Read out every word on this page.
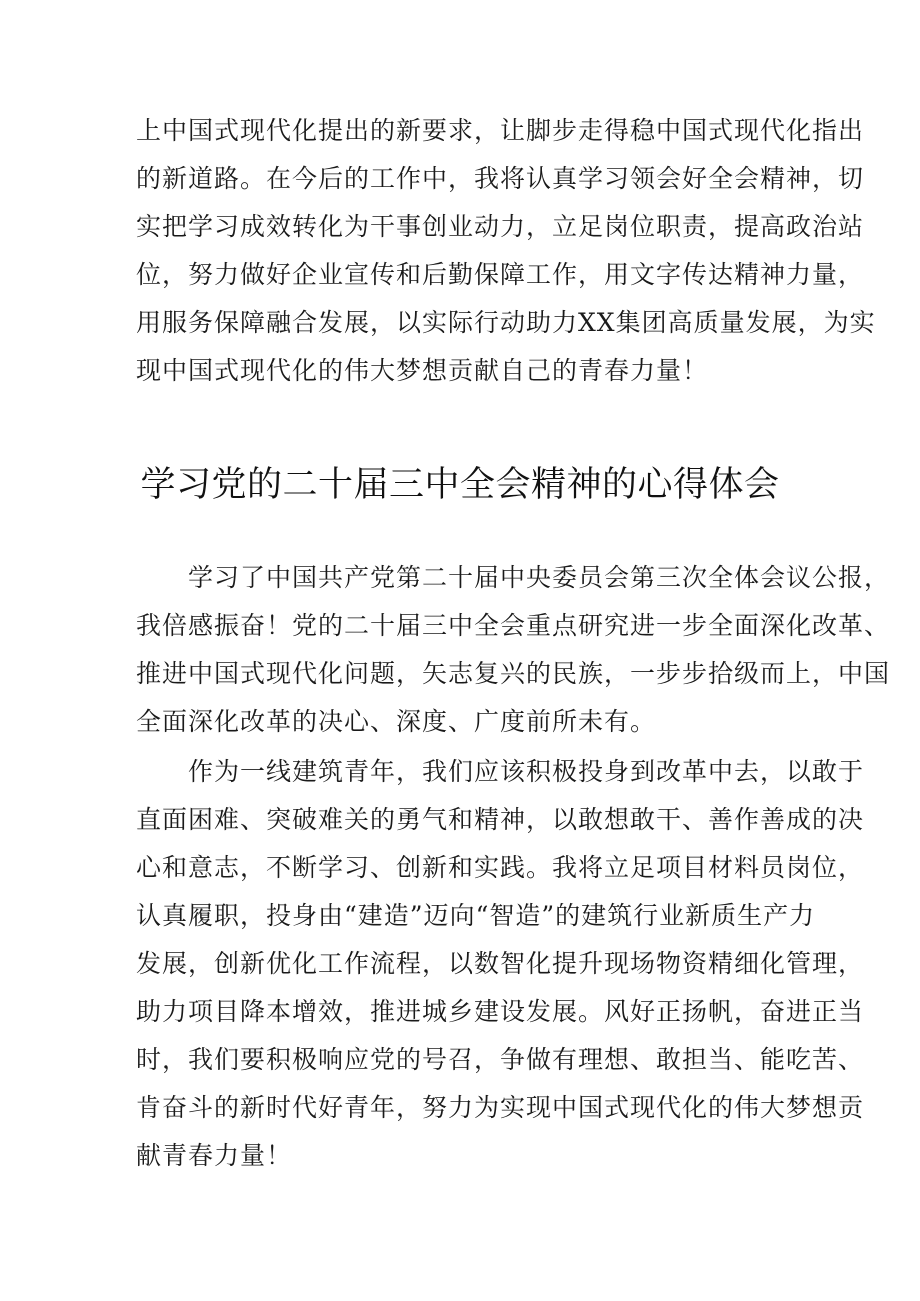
上中国式现代化提出的新要求，让脚步走得稳中国式现代化指出
的新道路。在今后的工作中，我将认真学习领会好全会精神，切
实把学习成效转化为干事创业动力，立足岗位职责，提高政治站
位，努力做好企业宣传和后勤保障工作，用文字传达精神力量，
用服务保障融合发展，以实际行动助力XX集团高质量发展，为实
现中国式现代化的伟大梦想贡献自己的青春力量！
学习党的二十届三中全会精神的心得体会
　　学习了中国共产党第二十届中央委员会第三次全体会议公报，
我倍感振奋！党的二十届三中全会重点研究进一步全面深化改革、
推进中国式现代化问题，矢志复兴的民族，一步步拾级而上，中国
全面深化改革的决心、深度、广度前所未有。
　　作为一线建筑青年，我们应该积极投身到改革中去，以敢于
直面困难、突破难关的勇气和精神，以敢想敢干、善作善成的决
心和意志，不断学习、创新和实践。我将立足项目材料员岗位，
认真履职，投身由“建造”迈向“智造”的建筑行业新质生产力
发展，创新优化工作流程，以数智化提升现场物资精细化管理，
助力项目降本增效，推进城乡建设发展。风好正扬帆，奋进正当
时，我们要积极响应党的号召，争做有理想、敢担当、能吃苦、
肯奋斗的新时代好青年，努力为实现中国式现代化的伟大梦想贡
献青春力量！
